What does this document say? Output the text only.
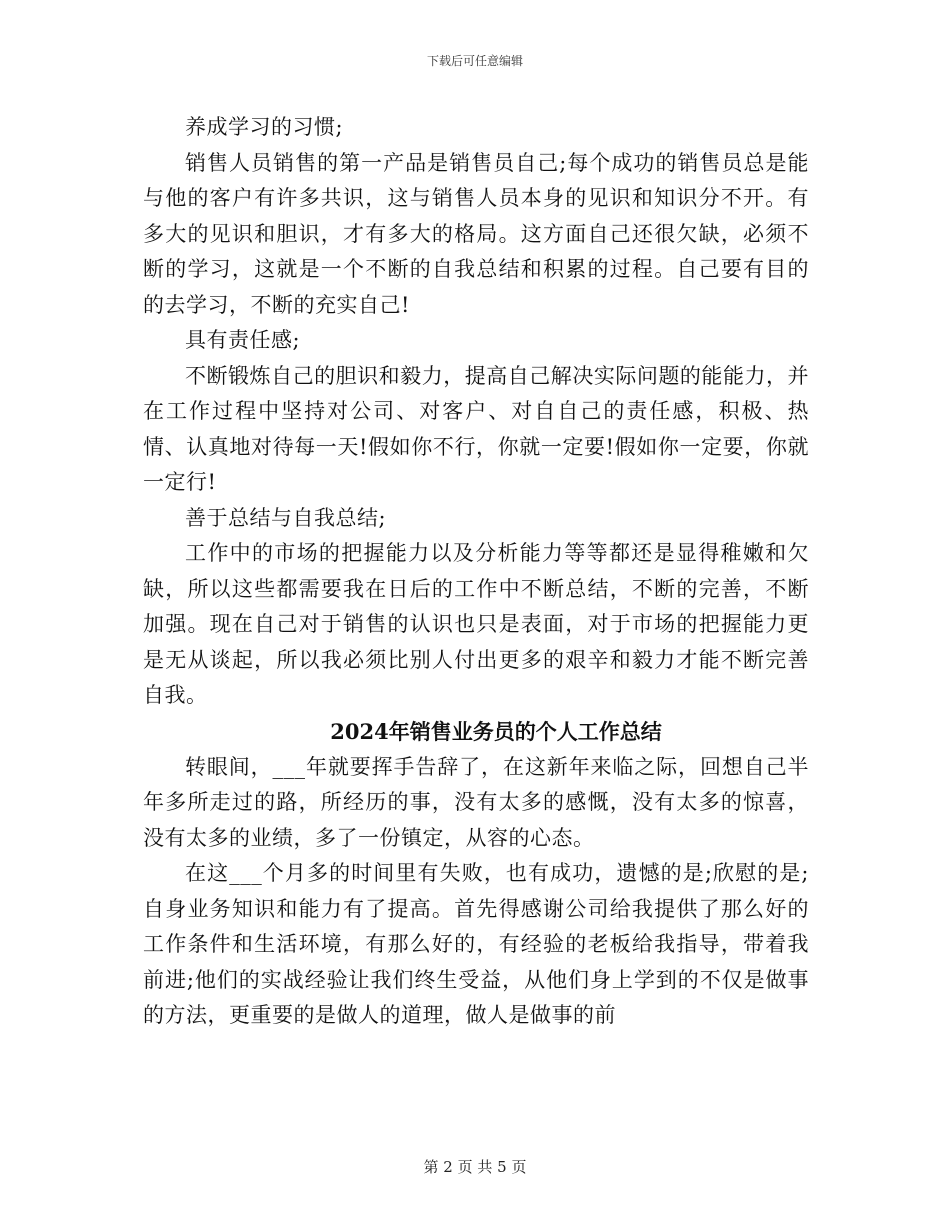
下载后可任意编辑

养成学习的习惯;

销售人员销售的第一产品是销售员自己;每个成功的销售员总是能与他的客户有许多共识，这与销售人员本身的见识和知识分不开。有多大的见识和胆识，才有多大的格局。这方面自己还很欠缺，必须不断的学习，这就是一个不断的自我总结和积累的过程。自己要有目的的去学习，不断的充实自己!

具有责任感;

不断锻炼自己的胆识和毅力，提高自己解决实际问题的能能力，并在工作过程中坚持对公司、对客户、对自自己的责任感，积极、热情、认真地对待每一天!假如你不行，你就一定要!假如你一定要，你就一定行!

善于总结与自我总结;

工作中的市场的把握能力以及分析能力等等都还是显得稚嫩和欠缺，所以这些都需要我在日后的工作中不断总结，不断的完善，不断加强。现在自己对于销售的认识也只是表面，对于市场的把握能力更是无从谈起，所以我必须比别人付出更多的艰辛和毅力才能不断完善自我。

2024年销售业务员的个人工作总结

转眼间，___年就要挥手告辞了，在这新年来临之际，回想自己半年多所走过的路，所经历的事，没有太多的感慨，没有太多的惊喜，没有太多的业绩，多了一份镇定，从容的心态。

在这___个月多的时间里有失败，也有成功，遗憾的是;欣慰的是;自身业务知识和能力有了提高。首先得感谢公司给我提供了那么好的工作条件和生活环境，有那么好的，有经验的老板给我指导，带着我前进;他们的实战经验让我们终生受益，从他们身上学到的不仅是做事的方法，更重要的是做人的道理，做人是做事的前

第 2 页 共 5 页
